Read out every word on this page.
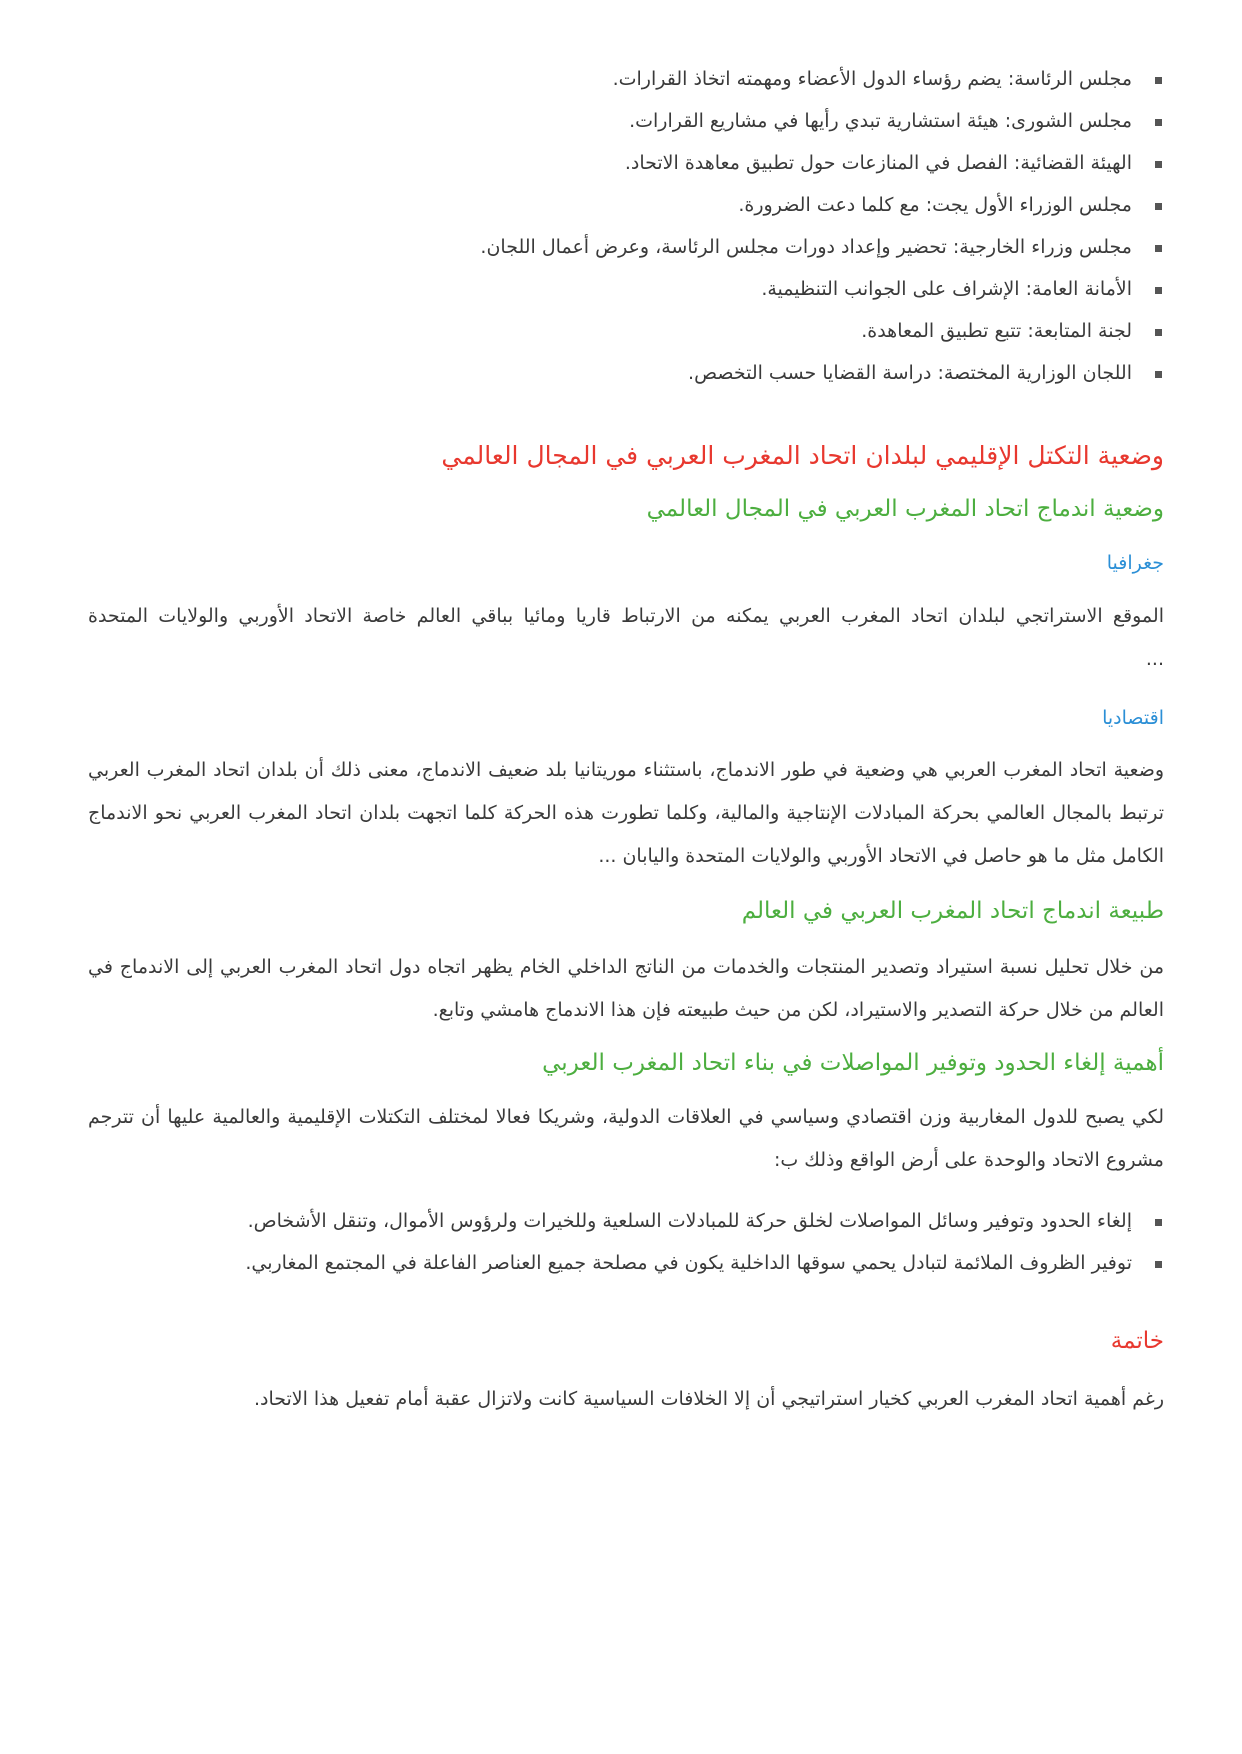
مجلس الرئاسة: يضم رؤساء الدول الأعضاء ومهمته اتخاذ القرارات.
مجلس الشورى: هيئة استشارية تبدي رأيها في مشاريع القرارات.
الهيئة القضائية: الفصل في المنازعات حول تطبيق معاهدة الاتحاد.
مجلس الوزراء الأول يجت: مع كلما دعت الضرورة.
مجلس وزراء الخارجية: تحضير وإعداد دورات مجلس الرئاسة، وعرض أعمال اللجان.
الأمانة العامة: الإشراف على الجوانب التنظيمية.
لجنة المتابعة: تتبع تطبيق المعاهدة.
اللجان الوزارية المختصة: دراسة القضايا حسب التخصص.
وضعية التكتل الإقليمي لبلدان اتحاد المغرب العربي في المجال العالمي
وضعية اندماج اتحاد المغرب العربي في المجال العالمي
جغرافيا

الموقع الاستراتجي لبلدان اتحاد المغرب العربي يمكنه من الارتباط قاريا ومائيا بباقي العالم خاصة الاتحاد الأوربي والولايات المتحدة ...

اقتصاديا

وضعية اتحاد المغرب العربي هي وضعية في طور الاندماج، باستثناء موريتانيا بلد ضعيف الاندماج، معنى ذلك أن بلدان اتحاد المغرب العربي ترتبط بالمجال العالمي بحركة المبادلات الإنتاجية والمالية، وكلما تطورت هذه الحركة كلما اتجهت بلدان اتحاد المغرب العربي نحو الاندماج الكامل مثل ما هو حاصل في الاتحاد الأوربي والولايات المتحدة واليابان ...

طبيعة اندماج اتحاد المغرب العربي في العالم

من خلال تحليل نسبة استيراد وتصدير المنتجات والخدمات من الناتج الداخلي الخام يظهر اتجاه دول اتحاد المغرب العربي إلى الاندماج في العالم من خلال حركة التصدير والاستيراد، لكن من حيث طبيعته فإن هذا الاندماج هامشي وتابع.

أهمية إلغاء الحدود وتوفير المواصلات في بناء اتحاد المغرب العربي

لكي يصبح للدول المغاربية وزن اقتصادي وسياسي في العلاقات الدولية، وشريكا فعالا لمختلف التكتلات الإقليمية والعالمية عليها أن تترجم مشروع الاتحاد والوحدة على أرض الواقع وذلك ب:

إلغاء الحدود وتوفير وسائل المواصلات لخلق حركة للمبادلات السلعية وللخيرات ولرؤوس الأموال، وتنقل الأشخاص.
توفير الظروف الملائمة لتبادل يحمي سوقها الداخلية يكون في مصلحة جميع العناصر الفاعلة في المجتمع المغاربي.
خاتمة

رغم أهمية اتحاد المغرب العربي كخيار استراتيجي أن إلا الخلافات السياسية كانت ولاتزال عقبة أمام تفعيل هذا الاتحاد.
